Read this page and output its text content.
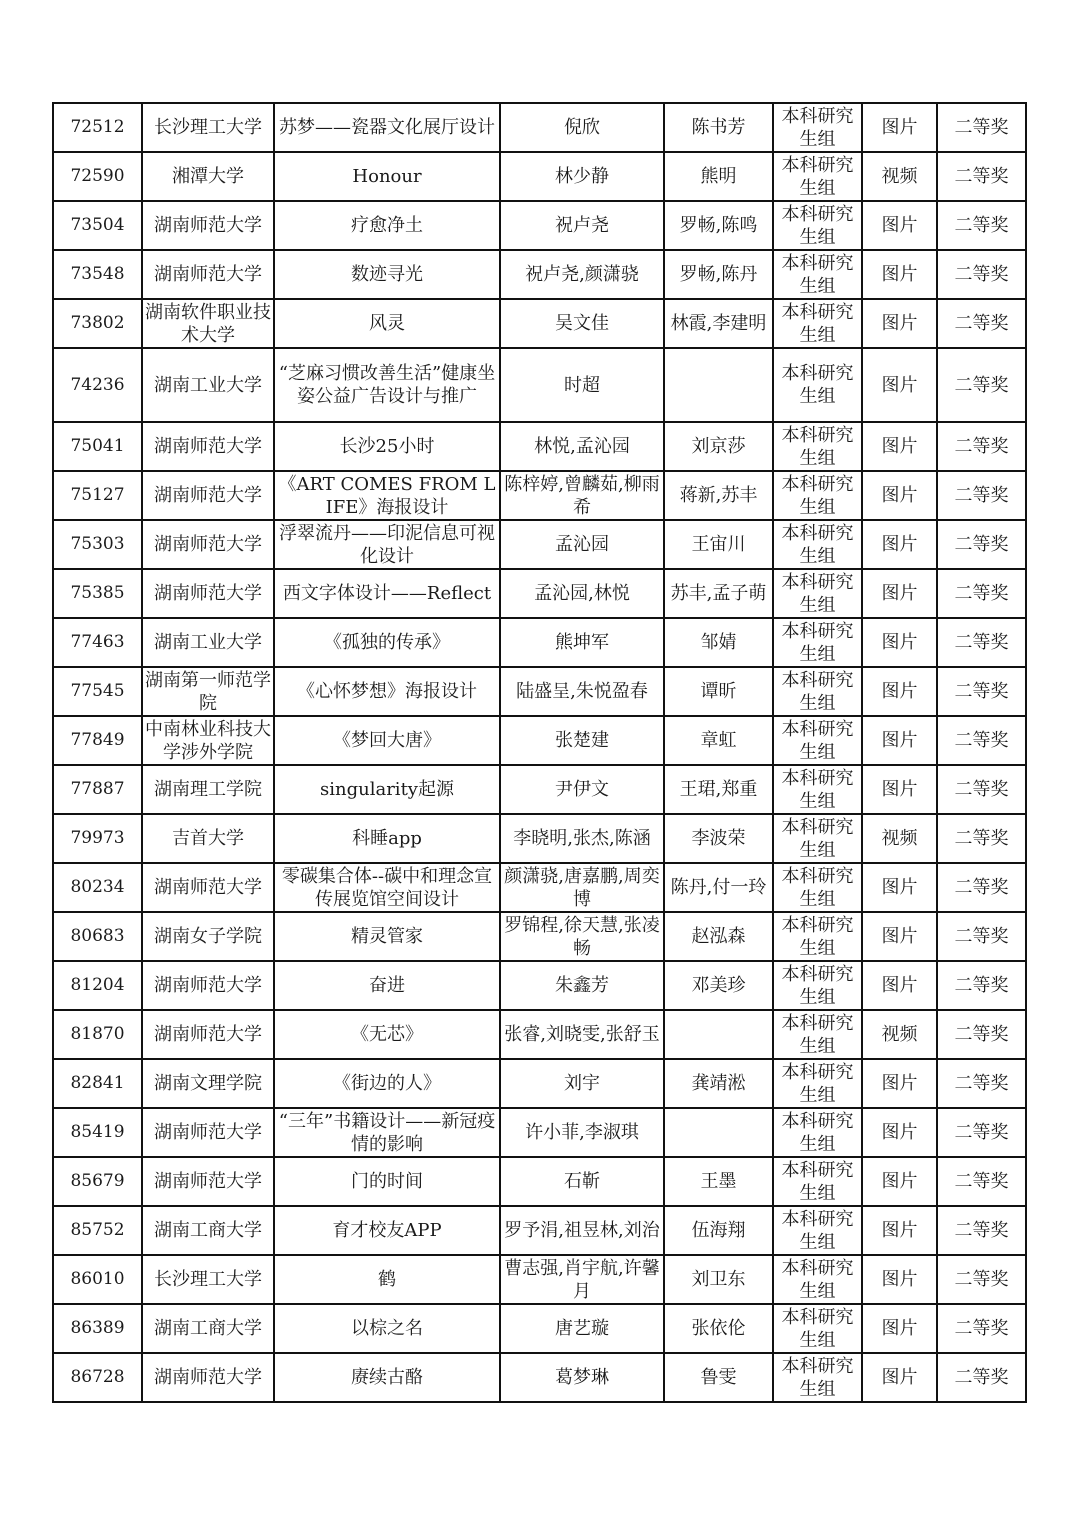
72512	长沙理工大学	苏梦——瓷器文化展厅设计	倪欣	陈书芳	本科研究生组	图片	二等奖
72590	湘潭大学	Honour	林少静	熊明	本科研究生组	视频	二等奖
73504	湖南师范大学	疗愈净土	祝卢尧	罗畅,陈鸣	本科研究生组	图片	二等奖
73548	湖南师范大学	数迹寻光	祝卢尧,颜潇骁	罗畅,陈丹	本科研究生组	图片	二等奖
73802	湖南软件职业技术大学	风灵	吴文佳	林霞,李建明	本科研究生组	图片	二等奖
74236	湖南工业大学	“芝麻习惯改善生活”健康坐姿公益广告设计与推广	时超		本科研究生组	图片	二等奖
75041	湖南师范大学	长沙25小时	林悦,孟沁园	刘京莎	本科研究生组	图片	二等奖
75127	湖南师范大学	《ART COMES FROM LIFE》海报设计	陈梓婷,曾麟茹,柳雨希	蒋新,苏丰	本科研究生组	图片	二等奖
75303	湖南师范大学	浮翠流丹——印泥信息可视化设计	孟沁园	王宙川	本科研究生组	图片	二等奖
75385	湖南师范大学	西文字体设计——Reflect	孟沁园,林悦	苏丰,孟子萌	本科研究生组	图片	二等奖
77463	湖南工业大学	《孤独的传承》	熊坤军	邹婧	本科研究生组	图片	二等奖
77545	湖南第一师范学院	《心怀梦想》海报设计	陆盛呈,朱悦盈春	谭昕	本科研究生组	图片	二等奖
77849	中南林业科技大学涉外学院	《梦回大唐》	张楚建	章虹	本科研究生组	图片	二等奖
77887	湖南理工学院	singularity起源	尹伊文	王珺,郑重	本科研究生组	图片	二等奖
79973	吉首大学	科睡app	李晓明,张杰,陈涵	李波荣	本科研究生组	视频	二等奖
80234	湖南师范大学	零碳集合体--碳中和理念宣传展览馆空间设计	颜潇骁,唐嘉鹏,周奕博	陈丹,付一玲	本科研究生组	图片	二等奖
80683	湖南女子学院	精灵管家	罗锦程,徐天慧,张凌畅	赵泓森	本科研究生组	图片	二等奖
81204	湖南师范大学	奋进	朱鑫芳	邓美珍	本科研究生组	图片	二等奖
81870	湖南师范大学	《无芯》	张睿,刘晓雯,张舒玉		本科研究生组	视频	二等奖
82841	湖南文理学院	《街边的人》	刘宇	龚靖淞	本科研究生组	图片	二等奖
85419	湖南师范大学	“三年”书籍设计——新冠疫情的影响	许小菲,李淑琪		本科研究生组	图片	二等奖
85679	湖南师范大学	门的时间	石靳	王墨	本科研究生组	图片	二等奖
85752	湖南工商大学	育才校友APP	罗予涓,祖昱林,刘治	伍海翔	本科研究生组	图片	二等奖
86010	长沙理工大学	鹤	曹志强,肖宇航,许馨月	刘卫东	本科研究生组	图片	二等奖
86389	湖南工商大学	以棕之名	唐艺璇	张依伦	本科研究生组	图片	二等奖
86728	湖南师范大学	赓续古酪	葛梦琳	鲁雯	本科研究生组	图片	二等奖
